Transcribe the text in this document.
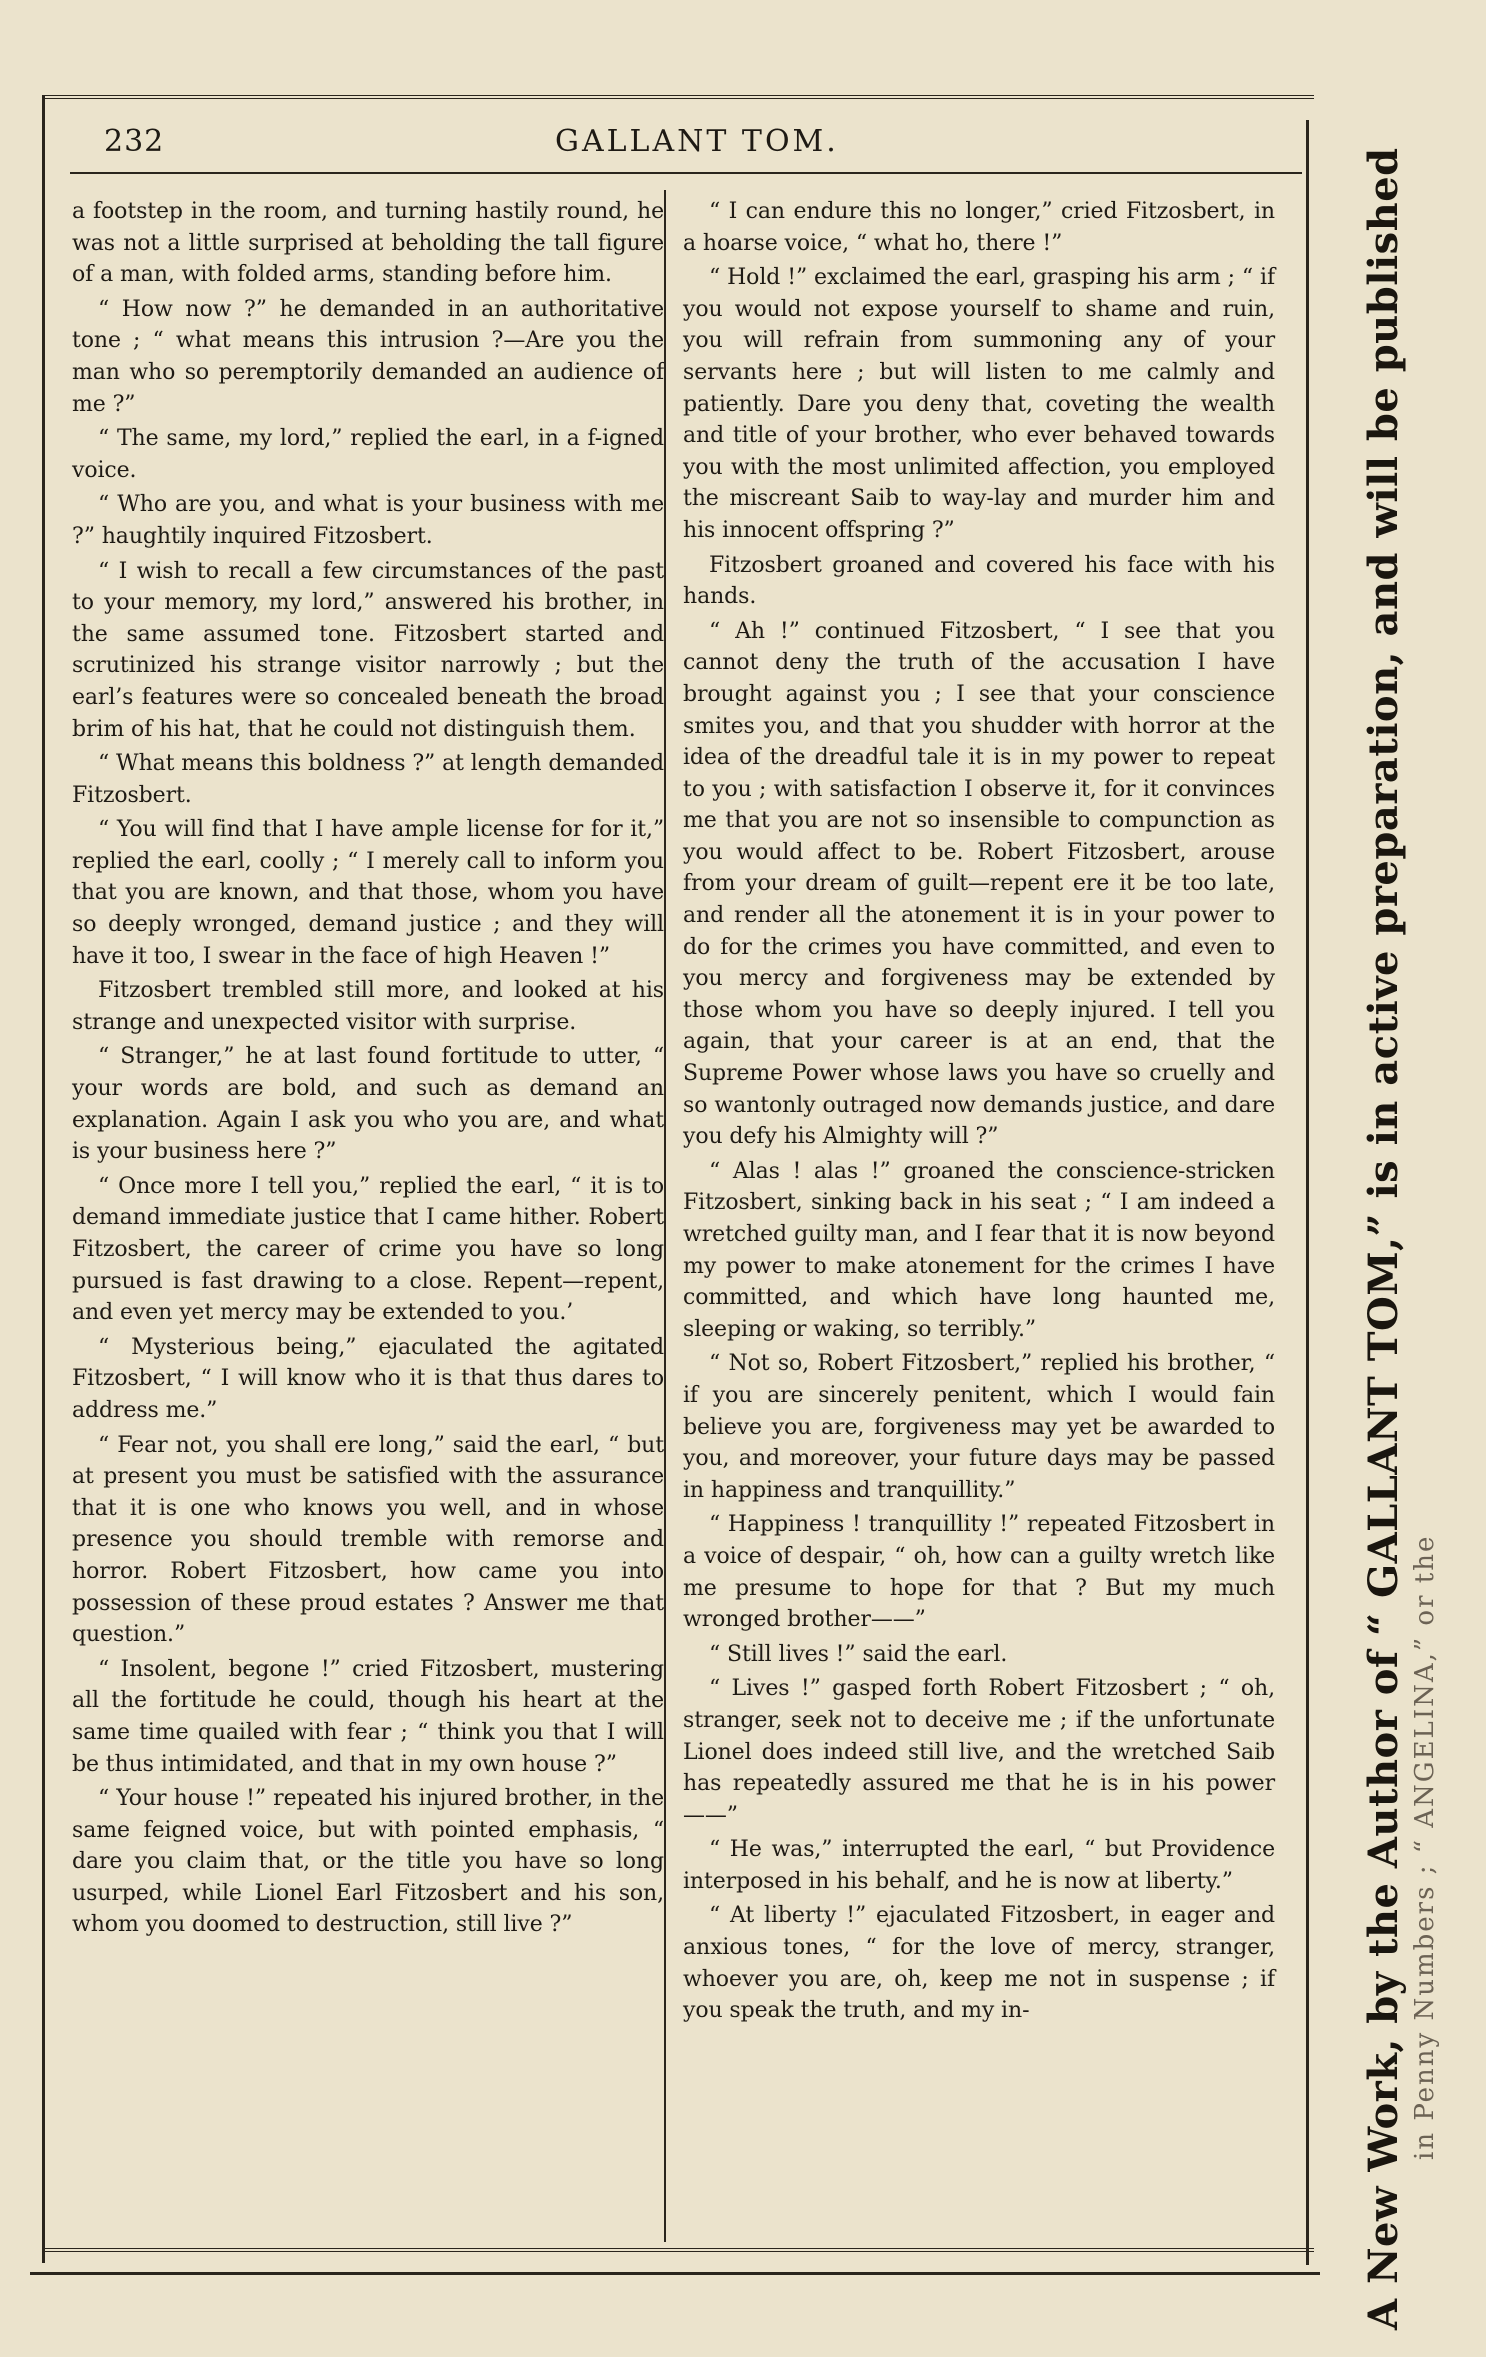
232	GALLANT TOM.

a footstep in the room, and turning hastily round, he was not a little surprised at beholding the tall figure of a man, with folded arms, standing before him.

“ How now ?” he demanded in an authoritative tone ; “ what means this intrusion ?—Are you the man who so peremptorily demanded an audience of me ?”

“ The same, my lord,” replied the earl, in a f-igned voice.

“ Who are you, and what is your business with me ?” haughtily inquired Fitzosbert.

“ I wish to recall a few circumstances of the past to your memory, my lord,” answered his brother, in the same assumed tone. Fitzosbert started and scrutinized his strange visitor narrowly ; but the earl’s features were so concealed beneath the broad brim of his hat, that he could not distinguish them.

“ What means this boldness ?” at length demanded Fitzosbert.

“ You will find that I have ample license for for it,” replied the earl, coolly ; “ I merely call to inform you that you are known, and that those, whom you have so deeply wronged, demand justice ; and they will have it too, I swear in the face of high Heaven !”

Fitzosbert trembled still more, and looked at his strange and unexpected visitor with surprise.

“ Stranger,” he at last found fortitude to utter, “ your words are bold, and such as demand an explanation. Again I ask you who you are, and what is your business here ?”

“ Once more I tell you,” replied the earl, “ it is to demand immediate justice that I came hither. Robert Fitzosbert, the career of crime you have so long pursued is fast drawing to a close. Repent—repent, and even yet mercy may be extended to you.’

“ Mysterious being,” ejaculated the agitated Fitzosbert, “ I will know who it is that thus dares to address me.”

“ Fear not, you shall ere long,” said the earl, “ but at present you must be satisfied with the assurance that it is one who knows you well, and in whose presence you should tremble with remorse and horror. Robert Fitzosbert, how came you into possession of these proud estates ? Answer me that question.”

“ Insolent, begone !” cried Fitzosbert, mustering all the fortitude he could, though his heart at the same time quailed with fear ; “ think you that I will be thus intimidated, and that in my own house ?”

“ Your house !” repeated his injured brother, in the same feigned voice, but with pointed emphasis, “ dare you claim that, or the title you have so long usurped, while Lionel Earl Fitzosbert and his son, whom you doomed to destruction, still live ?”

“ I can endure this no longer,” cried Fitzosbert, in a hoarse voice, “ what ho, there !”

“ Hold !” exclaimed the earl, grasping his arm ; “ if you would not expose yourself to shame and ruin, you will refrain from summoning any of your servants here ; but will listen to me calmly and patiently. Dare you deny that, coveting the wealth and title of your brother, who ever behaved towards you with the most unlimited affection, you employed the miscreant Saib to way-lay and murder him and his innocent offspring ?”

Fitzosbert groaned and covered his face with his hands.

“ Ah !” continued Fitzosbert, “ I see that you cannot deny the truth of the accusation I have brought against you ; I see that your conscience smites you, and that you shudder with horror at the idea of the dreadful tale it is in my power to repeat to you ; with satisfaction I observe it, for it convinces me that you are not so insensible to compunction as you would affect to be. Robert Fitzosbert, arouse from your dream of guilt—repent ere it be too late, and render all the atonement it is in your power to do for the crimes you have committed, and even to you mercy and forgiveness may be extended by those whom you have so deeply injured. I tell you again, that your career is at an end, that the Supreme Power whose laws you have so cruelly and so wantonly outraged now demands justice, and dare you defy his Almighty will ?”

“ Alas ! alas !” groaned the conscience-stricken Fitzosbert, sinking back in his seat ; “ I am indeed a wretched guilty man, and I fear that it is now beyond my power to make atonement for the crimes I have committed, and which have long haunted me, sleeping or waking, so terribly.”

“ Not so, Robert Fitzosbert,” replied his brother, “ if you are sincerely penitent, which I would fain believe you are, forgiveness may yet be awarded to you, and moreover, your future days may be passed in happiness and tranquillity.”

“ Happiness ! tranquillity !” repeated Fitzosbert in a voice of despair, “ oh, how can a guilty wretch like me presume to hope for that ? But my much wronged brother——”

“ Still lives !” said the earl.

“ Lives !” gasped forth Robert Fitzosbert ; “ oh, stranger, seek not to deceive me ; if the unfortunate Lionel does indeed still live, and the wretched Saib has repeatedly assured me that he is in his power——”

“ He was,” interrupted the earl, “ but Providence interposed in his behalf, and he is now at liberty.”

“ At liberty !” ejaculated Fitzosbert, in eager and anxious tones, “ for the love of mercy, stranger, whoever you are, oh, keep me not in suspense ; if you speak the truth, and my in-	A New Work, by the Author of “ GALLANT TOM,” is in active preparation, and will be published in Penny Numbers ; “ ANGELINA,” or the
